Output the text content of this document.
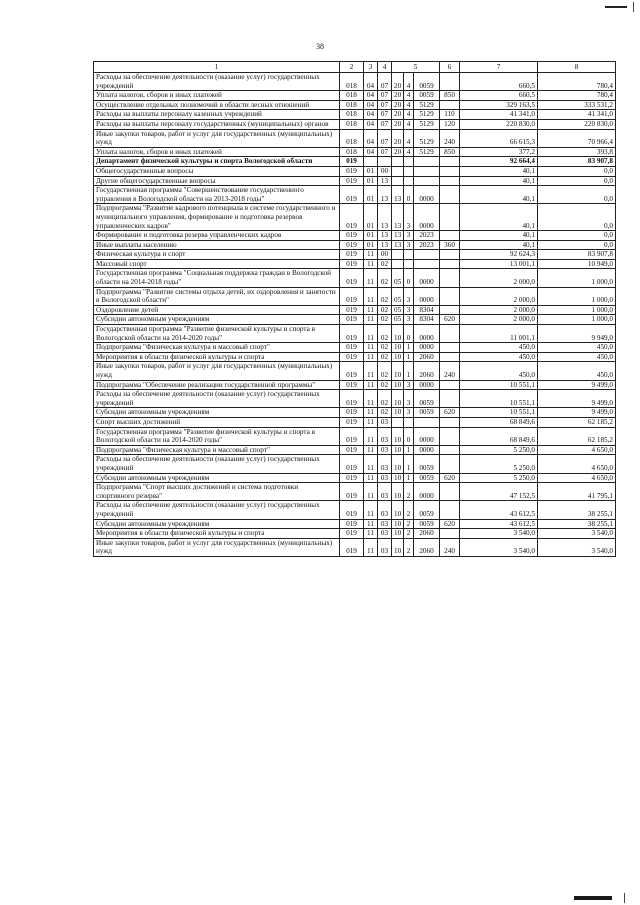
38
1	2	3	4	5			6	7	8
Расходы на обеспечение деятельности (оказание услуг) государственных учреждений	018	04	07	20	4	0059		660,5	780,4
Уплата налогов, сборов и иных платежей	018	04	07	20	4	0059	850	660,5	780,4
Осуществление отдельных полномочий в области лесных отношений	018	04	07	20	4	5129		329 163,5	333 531,2
Расходы на выплаты персоналу казенных учреждений	018	04	07	20	4	5129	110	41 341,0	41 341,0
Расходы на выплаты персоналу государственных (муниципальных) органов	018	04	07	20	4	5129	120	220 830,0	220 830,0
Иные закупки товаров, работ и услуг для государственных (муниципальных) нужд	018	04	07	20	4	5129	240	66 615,3	70 966,4
Уплата налогов, сборов и иных платежей	018	04	07	20	4	5129	850	377,2	393,8
Департамент физической культуры и спорта Вологодской области	019							92 664,4	83 907,8
Общегосударственные вопросы	019	01	00					40,1	0,0
Другие общегосударственные вопросы	019	01	13					40,1	0,0
Государственная программа "Совершенствование государственного управления в Вологодской области на 2013-2018 годы"	019	01	13	13	0	0000		40,1	0,0
Подпрограмма "Развитие кадрового потенциала в системе государственного и муниципального управления, формирование и подготовка резервов управленческих кадров"	019	01	13	13	3	0000		40,1	0,0
Формирование и подготовка резерва управленческих кадров	019	01	13	13	3	2023		40,1	0,0
Иные выплаты населению	019	01	13	13	3	2023	360	40,1	0,0
Физическая культура и спорт	019	11	00					92 624,3	83 907,8
Массовый спорт	019	11	02					13 001,1	10 949,0
Государственная программа "Социальная поддержка граждан в Вологодской области на 2014-2018 годы"	019	11	02	05	0	0000		2 000,0	1 000,0
Подпрограмма "Развитие системы отдыха детей, их оздоровления и занятости в Вологодской области"	019	11	02	05	3	0000		2 000,0	1 000,0
Оздоровление детей	019	11	02	05	3	8304		2 000,0	1 000,0
Субсидии автономным учреждениям	019	11	02	05	3	8304	620	2 000,0	1 000,0
Государственная программа "Развитие физической культуры и спорта в Вологодской области на 2014-2020 годы"	019	11	02	10	0	0000		11 001,1	9 949,0
Подпрограмма "Физическая культура и массовый спорт"	019	11	02	10	1	0000		450,0	450,0
Мероприятия в области физической культуры и спорта	019	11	02	10	1	2060		450,0	450,0
Иные закупки товаров, работ и услуг для государственных (муниципальных) нужд	019	11	02	10	1	2060	240	450,0	450,0
Подпрограмма "Обеспечение реализации государственной программы"	019	11	02	10	3	0000		10 551,1	9 499,0
Расходы на обеспечение деятельности (оказание услуг) государственных учреждений	019	11	02	10	3	0059		10 551,1	9 499,0
Субсидии автономным учреждениям	019	11	02	10	3	0059	620	10 551,1	9 499,0
Спорт высших достижений	019	11	03					68 849,6	62 185,2
Государственная программа "Развитие физической культуры и спорта в Вологодской области на 2014-2020 годы"	019	11	03	10	0	0000		68 849,6	62 185,2
Подпрограмма "Физическая культура и массовый спорт"	019	11	03	10	1	0000		5 250,0	4 650,0
Расходы на обеспечение деятельности (оказание услуг) государственных учреждений	019	11	03	10	1	0059		5 250,0	4 650,0
Субсидии автономным учреждениям	019	11	03	10	1	0059	620	5 250,0	4 650,0
Подпрограмма "Спорт высших достижений и система подготовки спортивного резерва"	019	11	03	10	2	0000		47 152,5	41 795,1
Расходы на обеспечение деятельности (оказание услуг) государственных учреждений	019	11	03	10	2	0059		43 612,5	38 255,1
Субсидии автономным учреждениям	019	11	03	10	2	0059	620	43 612,5	38 255,1
Мероприятия в области физической культуры и спорта	019	11	03	10	2	2060		3 540,0	3 540,0
Иные закупки товаров, работ и услуг для государственных (муниципальных) нужд	019	11	03	10	2	2060	240	3 540,0	3 540,0
